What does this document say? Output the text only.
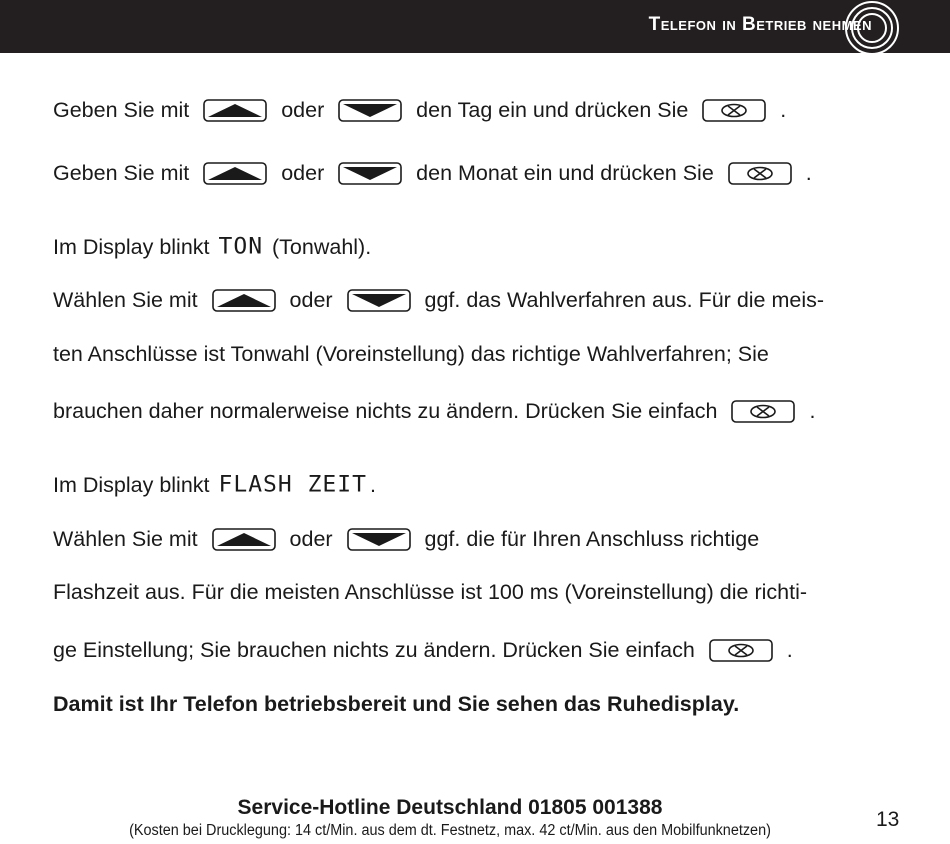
Telefon in Betrieb nehmen
Geben Sie mit	oder	den Tag ein und drücken Sie	.
Geben Sie mit	oder	den Monat ein und drücken Sie	.
Im Display blinkt TON (Tonwahl).
Wählen Sie mit	oder	ggf. das Wahlverfahren aus. Für die meis-
ten Anschlüsse ist Tonwahl (Voreinstellung) das richtige Wahlverfahren; Sie
brauchen daher normalerweise nichts zu ändern. Drücken Sie einfach	.
Im Display blinkt FLASH ZEIT .
Wählen Sie mit	oder	ggf. die für Ihren Anschluss richtige
Flashzeit aus. Für die meisten Anschlüsse ist 100 ms (Voreinstellung) die richti-
ge Einstellung; Sie brauchen nichts zu ändern. Drücken Sie einfach	.
Damit ist Ihr Telefon betriebsbereit und Sie sehen das Ruhedisplay.
Service-Hotline Deutschland 01805 001388
(Kosten bei Drucklegung: 14 ct/Min. aus dem dt. Festnetz, max. 42 ct/Min. aus den Mobilfunknetzen)	13
